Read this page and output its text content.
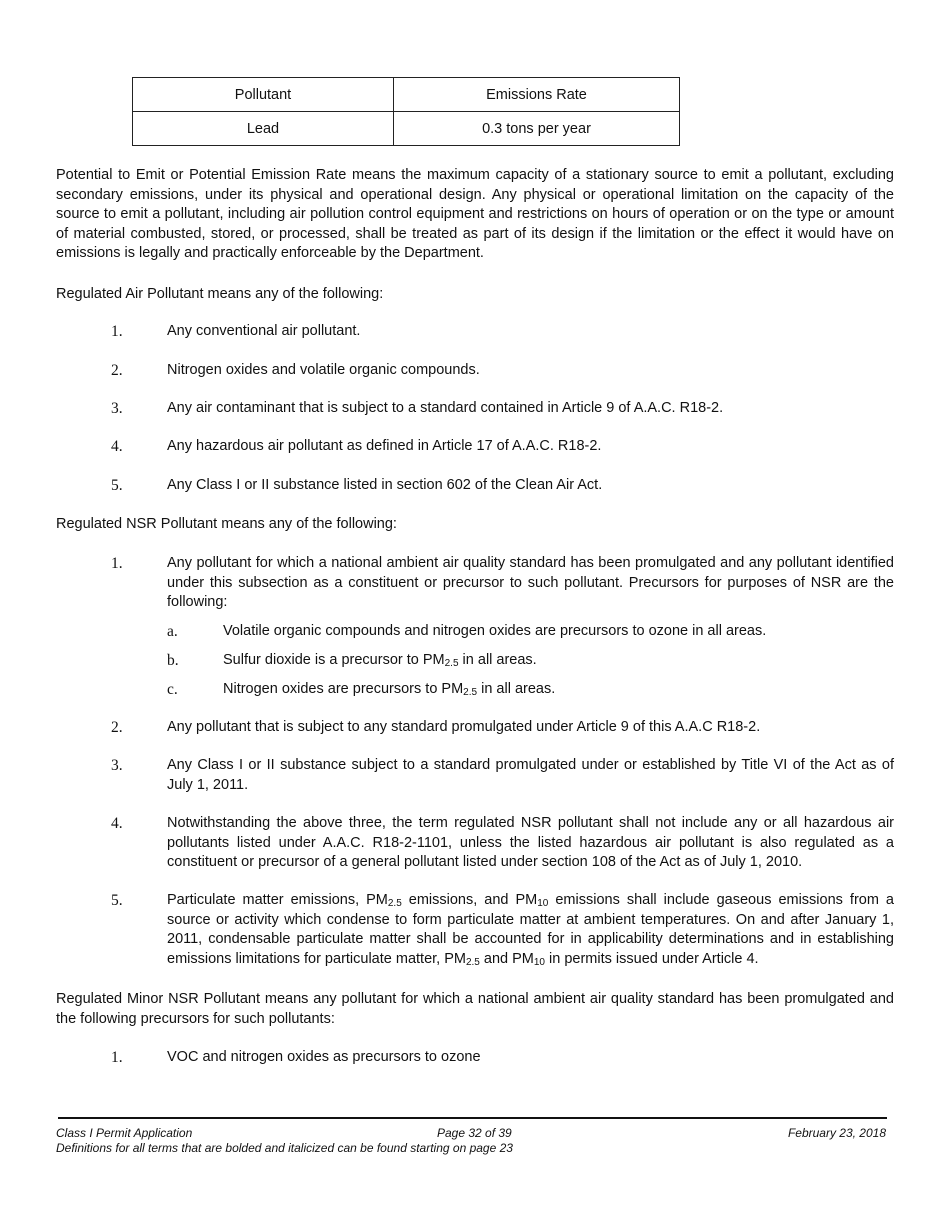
Pollutant	Emissions Rate
Lead	0.3 tons per year

Potential to Emit or Potential Emission Rate means the maximum capacity of a stationary source to emit a pollutant, excluding secondary emissions, under its physical and operational design. Any physical or operational limitation on the capacity of the source to emit a pollutant, including air pollution control equipment and restrictions on hours of operation or on the type or amount of material combusted, stored, or processed, shall be treated as part of its design if the limitation or the effect it would have on emissions is legally and practically enforceable by the Department.

Regulated Air Pollutant means any of the following:

1.	Any conventional air pollutant.
2.	Nitrogen oxides and volatile organic compounds.
3.	Any air contaminant that is subject to a standard contained in Article 9 of A.A.C. R18-2.
4.	Any hazardous air pollutant as defined in Article 17 of A.A.C. R18-2.
5.	Any Class I or II substance listed in section 602 of the Clean Air Act.

Regulated NSR Pollutant means any of the following:

1.	Any pollutant for which a national ambient air quality standard has been promulgated and any pollutant identified under this subsection as a constituent or precursor to such pollutant. Precursors for purposes of NSR are the following:
a.	Volatile organic compounds and nitrogen oxides are precursors to ozone in all areas.
b.	Sulfur dioxide is a precursor to $PM_{2.5}$ in all areas.
c.	Nitrogen oxides are precursors to $PM_{2.5}$ in all areas.
2.	Any pollutant that is subject to any standard promulgated under Article 9 of this A.A.C R18-2.
3.	Any Class I or II substance subject to a standard promulgated under or established by Title VI of the Act as of July 1, 2011.
4.	Notwithstanding the above three, the term regulated NSR pollutant shall not include any or all hazardous air pollutants listed under A.A.C. R18-2-1101, unless the listed hazardous air pollutant is also regulated as a constituent or precursor of a general pollutant listed under section 108 of the Act as of July 1, 2010.
5.	Particulate matter emissions, $PM_{2.5}$ emissions, and $PM_{10}$ emissions shall include gaseous emissions from a source or activity which condense to form particulate matter at ambient temperatures. On and after January 1, 2011, condensable particulate matter shall be accounted for in applicability determinations and in establishing emissions limitations for particulate matter, $PM_{2.5}$ and $PM_{10}$ in permits issued under Article 4.

Regulated Minor NSR Pollutant means any pollutant for which a national ambient air quality standard has been promulgated and the following precursors for such pollutants:

1.	VOC and nitrogen oxides as precursors to ozone
Class I Permit Application	Page 32 of 39	February 23, 2018
Definitions for all terms that are bolded and italicized can be found starting on page 23
